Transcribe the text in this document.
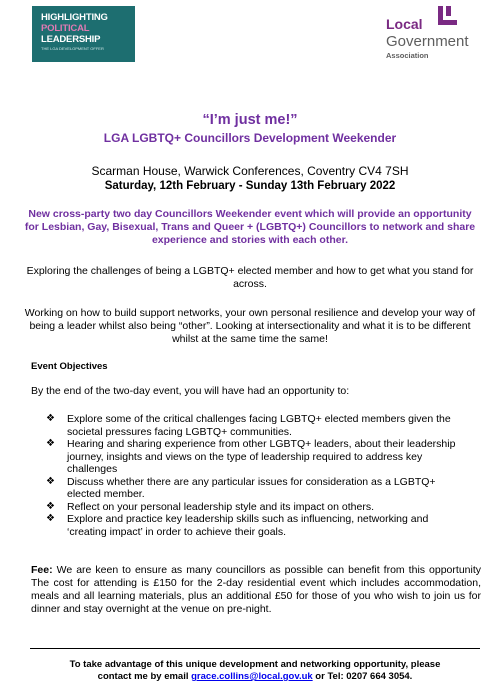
HIGHLIGHTING
POLITICAL
LEADERSHIP
THE LGA DEVELOPMENT OFFER
Local
Government
Association
“I’m just me!”
LGA LGBTQ+ Councillors Development Weekender
Scarman House, Warwick Conferences, Coventry CV4 7SH
Saturday, 12th February - Sunday 13th February 2022
New cross-party two day Councillors Weekender event which will provide an opportunity for Lesbian, Gay, Bisexual, Trans and Queer + (LGBTQ+) Councillors to network and share experience and stories with each other.
Exploring the challenges of being a LGBTQ+ elected member and how to get what you stand for across.
Working on how to build support networks, your own personal resilience and develop your way of being a leader whilst also being “other”. Looking at intersectionality and what it is to be different whilst at the same time the same!
Event Objectives
By the end of the two-day event, you will have had an opportunity to:
❖ Explore some of the critical challenges facing LGBTQ+ elected members given the societal pressures facing LGBTQ+ communities.
❖ Hearing and sharing experience from other LGBTQ+ leaders, about their leadership journey, insights and views on the type of leadership required to address key challenges
❖ Discuss whether there are any particular issues for consideration as a LGBTQ+ elected member.
❖ Reflect on your personal leadership style and its impact on others.
❖ Explore and practice key leadership skills such as influencing, networking and ‘creating impact’ in order to achieve their goals.
Fee: We are keen to ensure as many councillors as possible can benefit from this opportunity The cost for attending is £150 for the 2-day residential event which includes accommodation, meals and all learning materials, plus an additional £50 for those of you who wish to join us for dinner and stay overnight at the venue on pre-night.
To take advantage of this unique development and networking opportunity, please
contact me by email grace.collins@local.gov.uk or Tel: 0207 664 3054.
